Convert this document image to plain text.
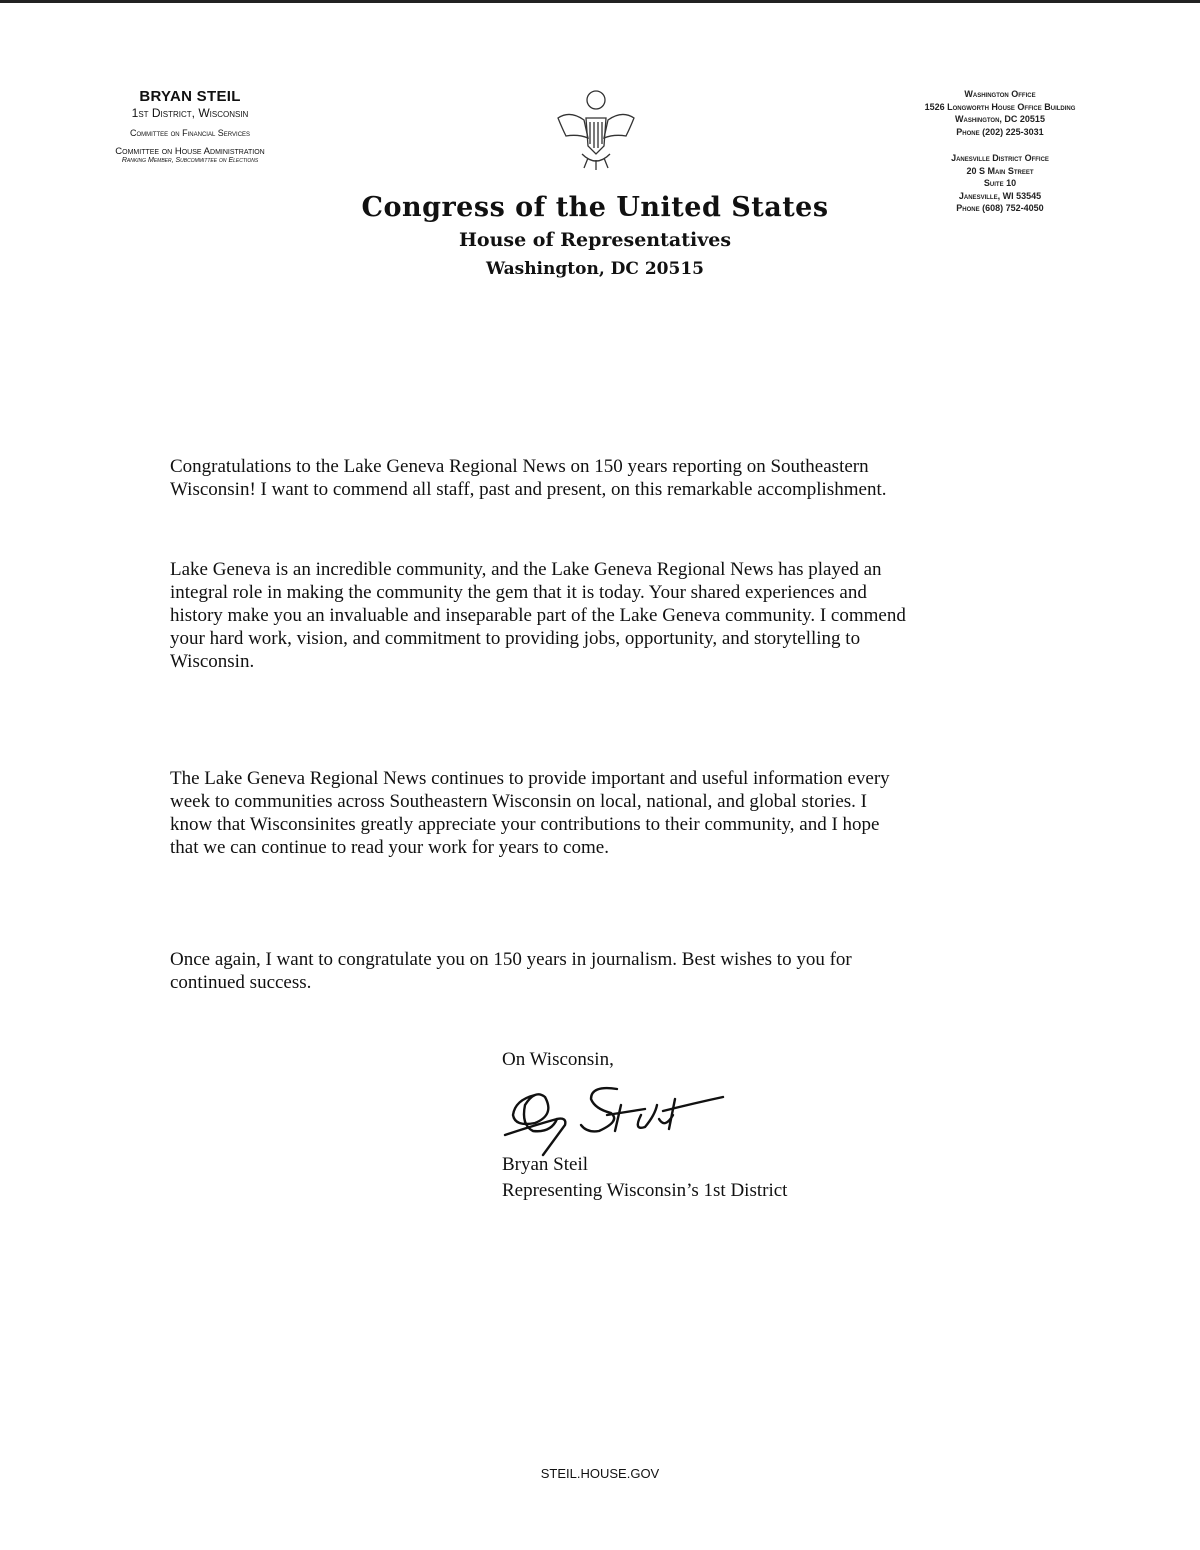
BRYAN STEIL
1st District, Wisconsin
Committee on Financial Services
Committee on House Administration
Ranking Member, Subcommittee on Elections
Washington Office
1526 Longworth House Office Building
Washington, DC 20515
Phone (202) 225-3031
Janesville District Office
20 S Main Street
Suite 10
Janesville, WI 53545
Phone (608) 752-4050
Congress of the United States
House of Representatives
Washington, DC 20515
Congratulations to the Lake Geneva Regional News on 150 years reporting on Southeastern
Wisconsin! I want to commend all staff, past and present, on this remarkable accomplishment.
Lake Geneva is an incredible community, and the Lake Geneva Regional News has played an
integral role in making the community the gem that it is today. Your shared experiences and
history make you an invaluable and inseparable part of the Lake Geneva community. I commend
your hard work, vision, and commitment to providing jobs, opportunity, and storytelling to
Wisconsin.
The Lake Geneva Regional News continues to provide important and useful information every
week to communities across Southeastern Wisconsin on local, national, and global stories. I
know that Wisconsinites greatly appreciate your contributions to their community, and I hope
that we can continue to read your work for years to come.
Once again, I want to congratulate you on 150 years in journalism. Best wishes to you for
continued success.
On Wisconsin,
Bryan Steil
Representing Wisconsin’s 1st District
STEIL.HOUSE.GOV
